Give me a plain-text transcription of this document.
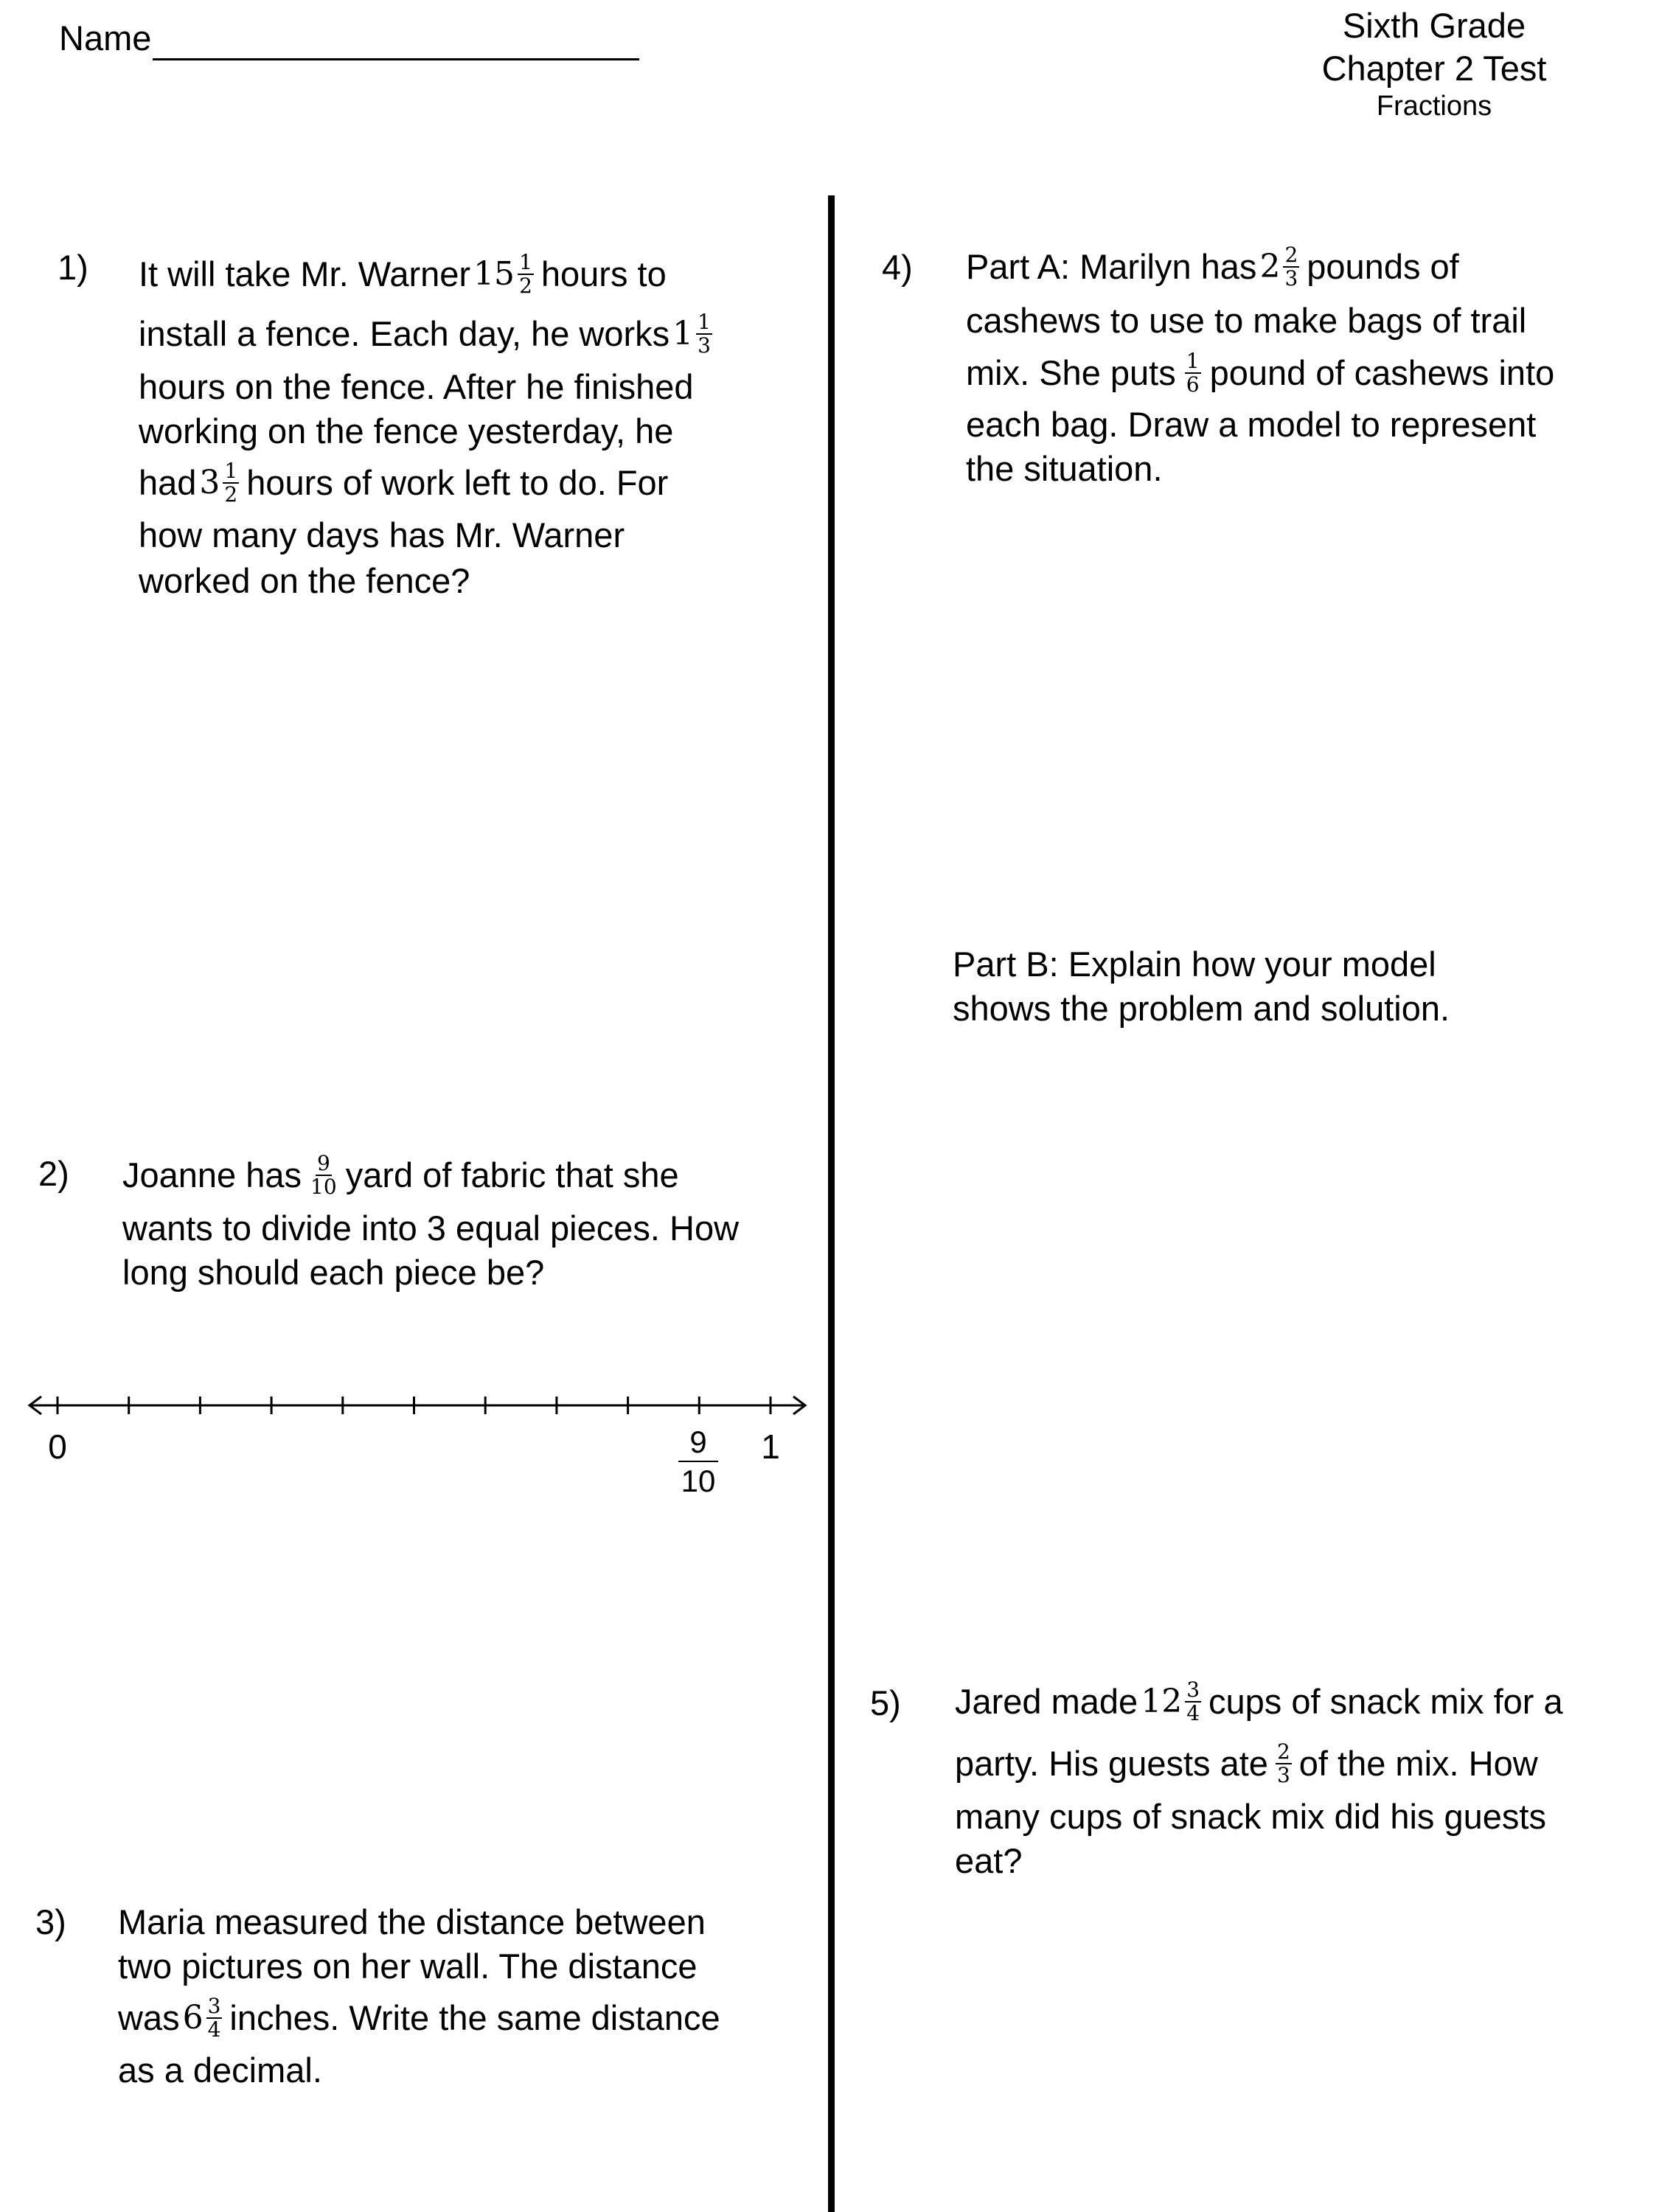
Name	Sixth Grade
Chapter 2 Test
Fractions
1) It will take Mr. Warner $15 \frac{1}{2}$ hours to
install a fence. Each day, he works $1 \frac{1}{3}$
hours on the fence. After he finished
working on the fence yesterday, he
had $3 \frac{1}{2}$ hours of work left to do. For
how many days has Mr. Warner
worked on the fence?
2) Joanne has $\frac{9}{10}$ yard of fabric that she
wants to divide into 3 equal pieces. How
long should each piece be?
0	1
9
10
3) Maria measured the distance between
two pictures on her wall. The distance
was $6 \frac{3}{4}$ inches. Write the same distance
as a decimal.
4) Part A: Marilyn has $2 \frac{2}{3}$ pounds of
cashews to use to make bags of trail
mix. She puts $\frac{1}{6}$ pound of cashews into
each bag. Draw a model to represent
the situation.
Part B: Explain how your model
shows the problem and solution.
5) Jared made $12 \frac{3}{4}$ cups of snack mix for a
party. His guests ate $\frac{2}{3}$ of the mix. How
many cups of snack mix did his guests
eat?
